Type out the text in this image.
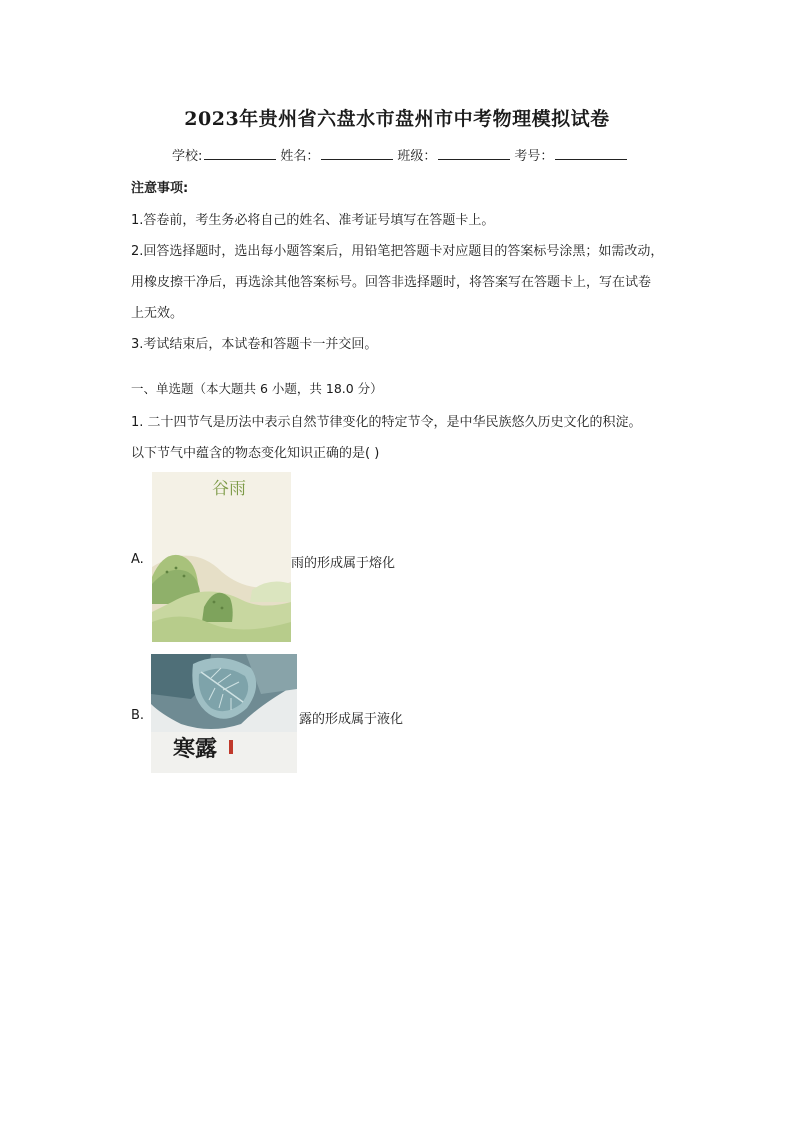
2023年贵州省六盘水市盘州市中考物理模拟试卷
学校:	姓名：	班级：	考号：
注意事项:
1.答卷前，考生务必将自己的姓名、准考证号填写在答题卡上。
2.回答选择题时，选出每小题答案后，用铅笔把答题卡对应题目的答案标号涂黑；如需改动，
用橡皮擦干净后，再选涂其他答案标号。回答非选择题时，将答案写在答题卡上，写在试卷
上无效。
3.考试结束后，本试卷和答题卡一并交回。
一、单选题（本大题共 6 小题，共 18.0 分）
1. 二十四节气是历法中表示自然节律变化的特定节令，是中华民族悠久历史文化的积淀。
以下节气中蕴含的物态变化知识正确的是( )
A.
谷雨
雨的形成属于熔化
B.
寒露
露的形成属于液化
